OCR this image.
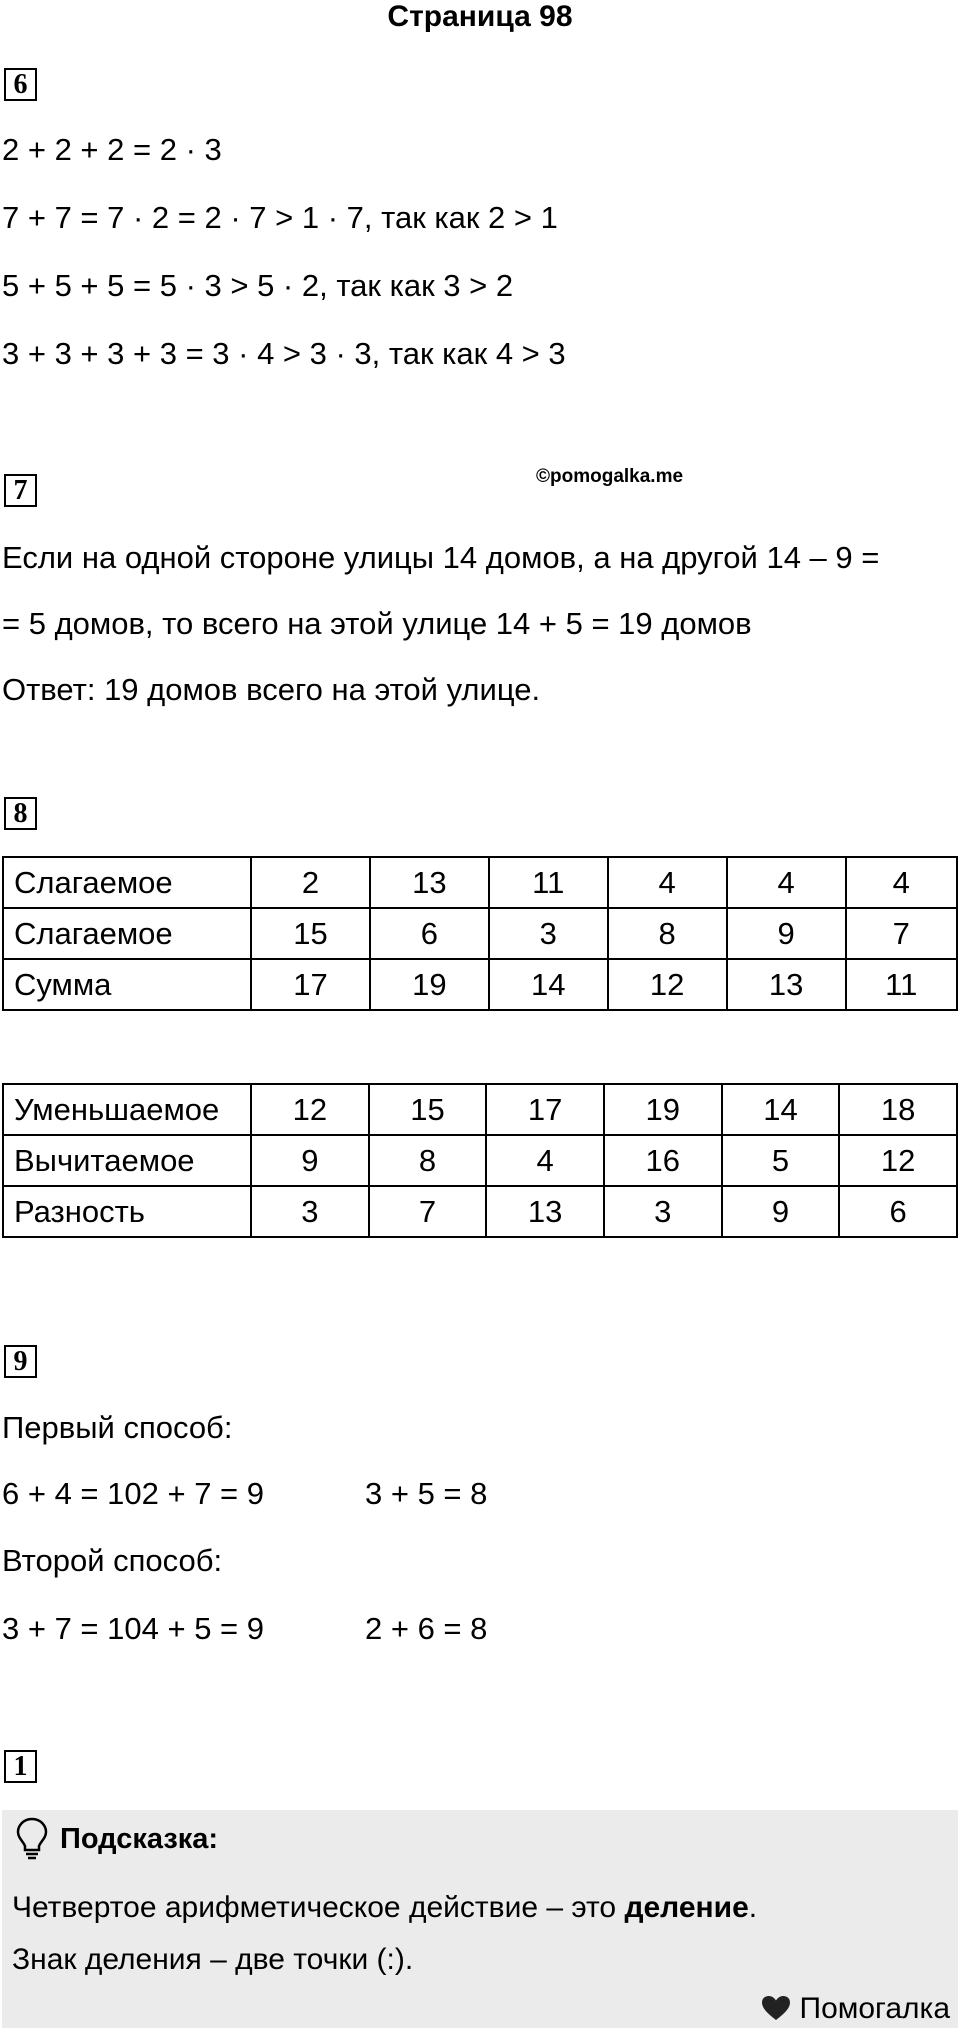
Страница 98
6
2 + 2 + 2 = 2 · 3
7 + 7 = 7 · 2 = 2 · 7 > 1 · 7, так как 2 > 1
5 + 5 + 5 = 5 · 3 > 5 · 2, так как 3 > 2
3 + 3 + 3 + 3 = 3 · 4 > 3 · 3, так как 4 > 3
7	©pomogalka.me
Если на одной стороне улицы 14 домов, а на другой 14 – 9 =
= 5 домов, то всего на этой улице 14 + 5 = 19 домов
Ответ: 19 домов всего на этой улице.
8
Слагаемое	2	13	11	4	4	4
Слагаемое	15	6	3	8	9	7
Сумма	17	19	14	12	13	11
Уменьшаемое	12	15	17	19	14	18
Вычитаемое	9	8	4	16	5	12
Разность	3	7	13	3	9	6
9
Первый способ:
6 + 4 = 102 + 7 = 9	3 + 5 = 8
Второй способ:
3 + 7 = 104 + 5 = 9	2 + 6 = 8
1
Подсказка:
Четвертое арифметическое действие – это деление.
Знак деления – две точки (:).
Помогалка
